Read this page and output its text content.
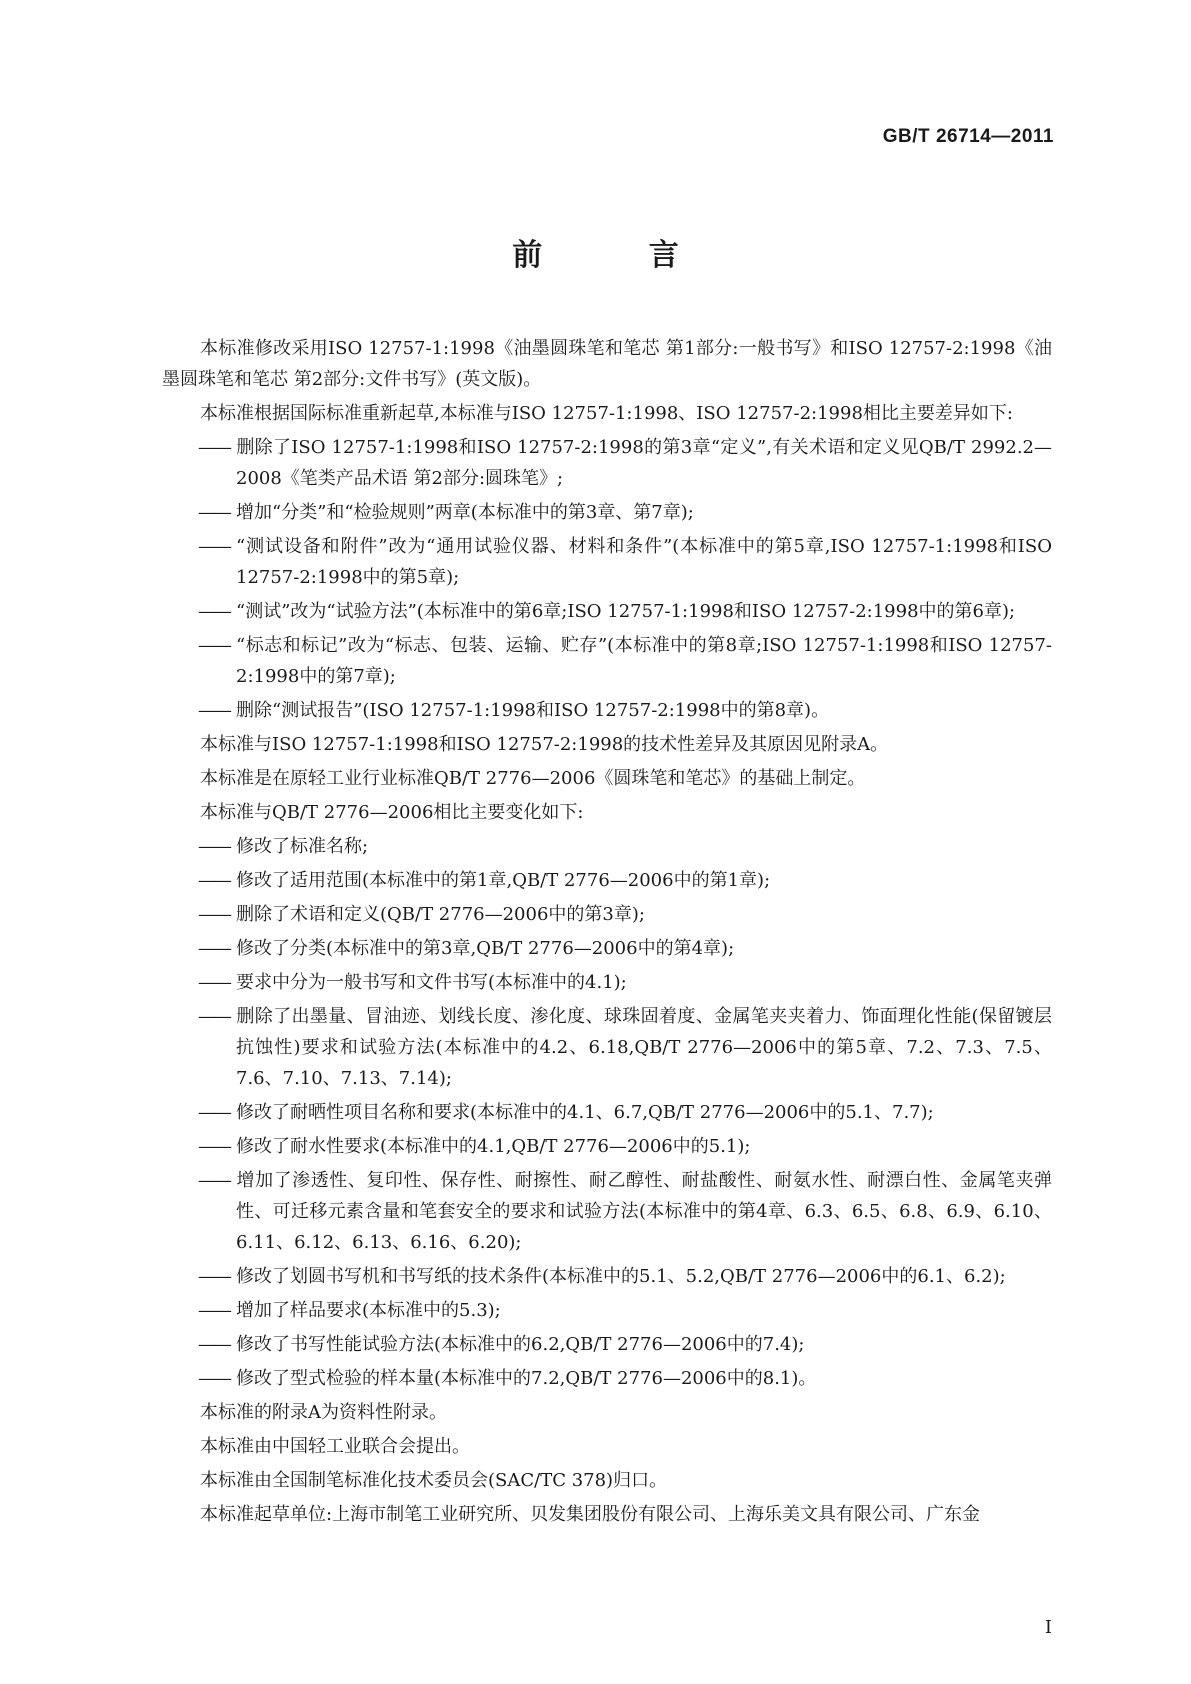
GB/T 26714—2011
前 言

本标准修改采用ISO 12757-1:1998《油墨圆珠笔和笔芯 第1部分:一般书写》和ISO 12757-2:1998《油墨圆珠笔和笔芯 第2部分:文件书写》(英文版)。

本标准根据国际标准重新起草,本标准与ISO 12757-1:1998、ISO 12757-2:1998相比主要差异如下:

—— 删除了ISO 12757-1:1998和ISO 12757-2:1998的第3章“定义”,有关术语和定义见QB/T 2992.2—2008《笔类产品术语 第2部分:圆珠笔》;
—— 增加“分类”和“检验规则”两章(本标准中的第3章、第7章);
—— “测试设备和附件”改为“通用试验仪器、材料和条件”(本标准中的第5章,ISO 12757-1:1998和ISO 12757-2:1998中的第5章);
—— “测试”改为“试验方法”(本标准中的第6章;ISO 12757-1:1998和ISO 12757-2:1998中的第6章);
—— “标志和标记”改为“标志、包装、运输、贮存”(本标准中的第8章;ISO 12757-1:1998和ISO 12757-2:1998中的第7章);
—— 删除“测试报告”(ISO 12757-1:1998和ISO 12757-2:1998中的第8章)。

本标准与ISO 12757-1:1998和ISO 12757-2:1998的技术性差异及其原因见附录A。

本标准是在原轻工业行业标准QB/T 2776—2006《圆珠笔和笔芯》的基础上制定。

本标准与QB/T 2776—2006相比主要变化如下:

—— 修改了标准名称;
—— 修改了适用范围(本标准中的第1章,QB/T 2776—2006中的第1章);
—— 删除了术语和定义(QB/T 2776—2006中的第3章);
—— 修改了分类(本标准中的第3章,QB/T 2776—2006中的第4章);
—— 要求中分为一般书写和文件书写(本标准中的4.1);
—— 删除了出墨量、冒油迹、划线长度、渗化度、球珠固着度、金属笔夹夹着力、饰面理化性能(保留镀层抗蚀性)要求和试验方法(本标准中的4.2、6.18,QB/T 2776—2006中的第5章、7.2、7.3、7.5、7.6、7.10、7.13、7.14);
—— 修改了耐晒性项目名称和要求(本标准中的4.1、6.7,QB/T 2776—2006中的5.1、7.7);
—— 修改了耐水性要求(本标准中的4.1,QB/T 2776—2006中的5.1);
—— 增加了渗透性、复印性、保存性、耐擦性、耐乙醇性、耐盐酸性、耐氨水性、耐漂白性、金属笔夹弹性、可迁移元素含量和笔套安全的要求和试验方法(本标准中的第4章、6.3、6.5、6.8、6.9、6.10、6.11、6.12、6.13、6.16、6.20);
—— 修改了划圆书写机和书写纸的技术条件(本标准中的5.1、5.2,QB/T 2776—2006中的6.1、6.2);
—— 增加了样品要求(本标准中的5.3);
—— 修改了书写性能试验方法(本标准中的6.2,QB/T 2776—2006中的7.4);
—— 修改了型式检验的样本量(本标准中的7.2,QB/T 2776—2006中的8.1)。

本标准的附录A为资料性附录。

本标准由中国轻工业联合会提出。

本标准由全国制笔标准化技术委员会(SAC/TC 378)归口。

本标准起草单位:上海市制笔工业研究所、贝发集团股份有限公司、上海乐美文具有限公司、广东金

I
